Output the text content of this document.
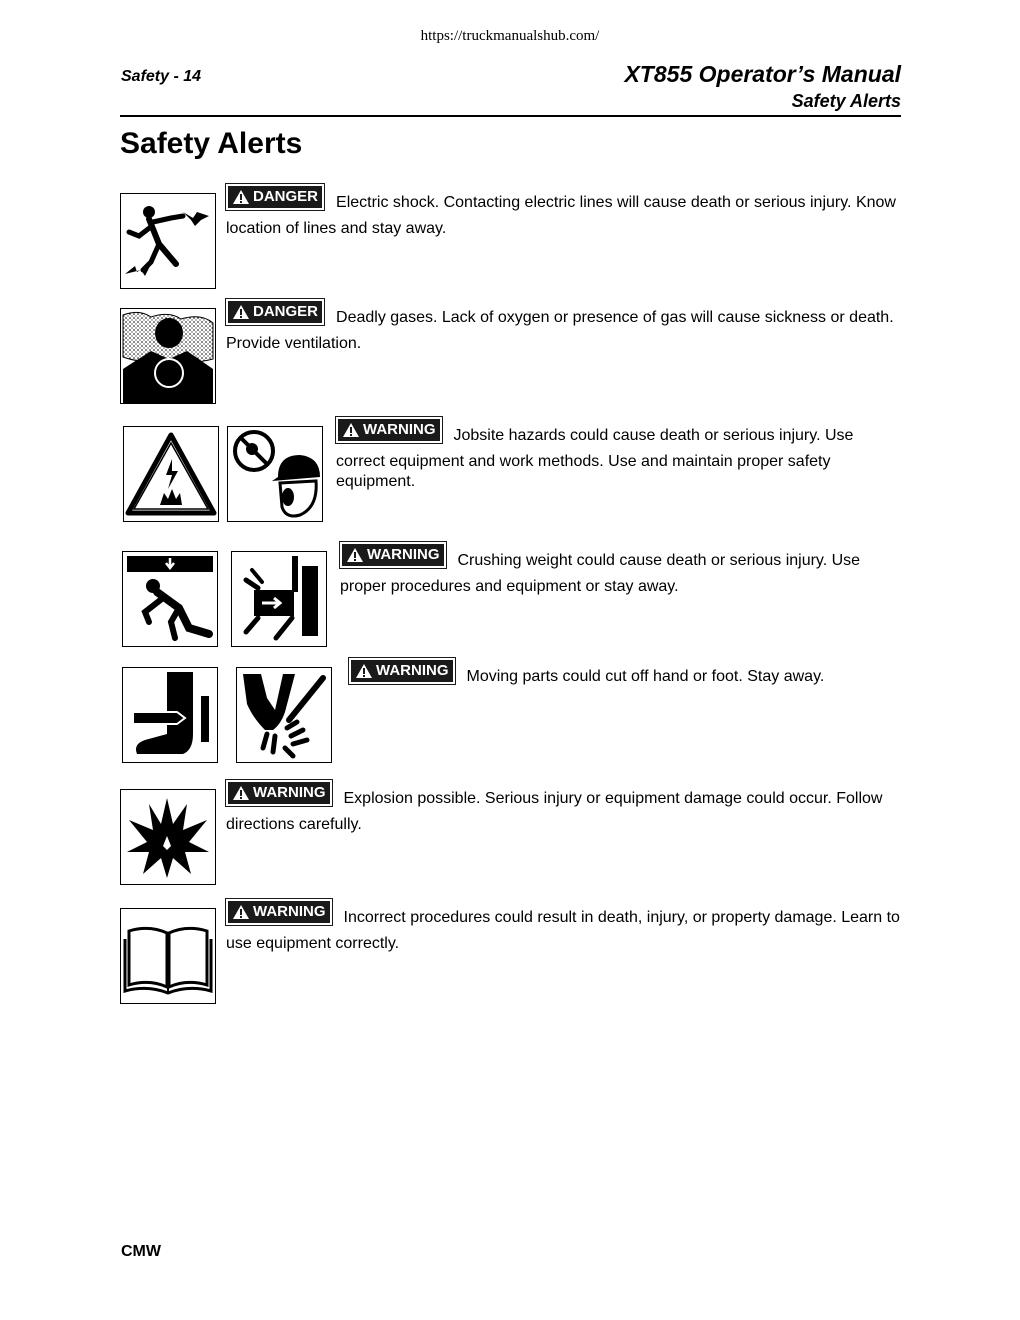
https://truckmanualshub.com/
Safety - 14	XT855 Operator’s Manual
Safety Alerts
Safety Alerts
DANGER Electric shock. Contacting electric lines will cause death or serious injury. Know location of lines and stay away.
DANGER Deadly gases. Lack of oxygen or presence of gas will cause sickness or death. Provide ventilation.
WARNING Jobsite hazards could cause death or serious injury. Use correct equipment and work methods. Use and maintain proper safety equipment.
WARNING Crushing weight could cause death or serious injury. Use proper procedures and equipment or stay away.
WARNING Moving parts could cut off hand or foot. Stay away.
WARNING Explosion possible. Serious injury or equipment damage could occur. Follow directions carefully.
WARNING Incorrect procedures could result in death, injury, or property damage. Learn to use equipment correctly.
CMW
